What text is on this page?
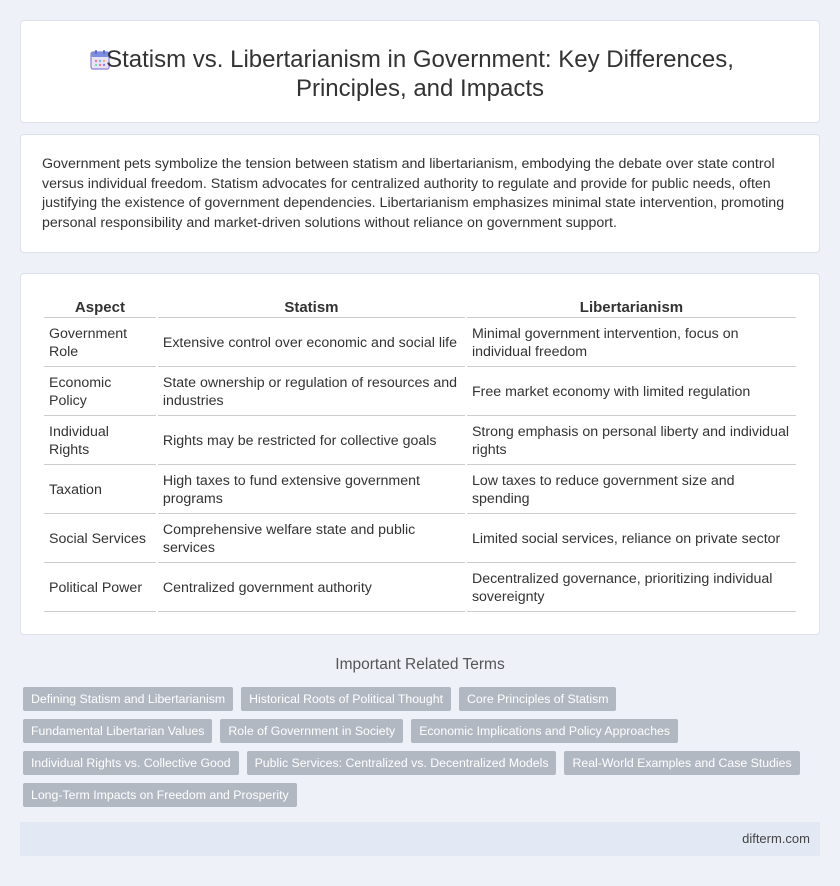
Statism vs. Libertarianism in Government: Key Differences, Principles, and Impacts

Government pets symbolize the tension between statism and libertarianism, embodying the debate over state control versus individual freedom. Statism advocates for centralized authority to regulate and provide for public needs, often justifying the existence of government dependencies. Libertarianism emphasizes minimal state intervention, promoting personal responsibility and market-driven solutions without reliance on government support.

Aspect	Statism	Libertarianism
Government Role	Extensive control over economic and social life	Minimal government intervention, focus on individual freedom
Economic Policy	State ownership or regulation of resources and industries	Free market economy with limited regulation
Individual Rights	Rights may be restricted for collective goals	Strong emphasis on personal liberty and individual rights
Taxation	High taxes to fund extensive government programs	Low taxes to reduce government size and spending
Social Services	Comprehensive welfare state and public services	Limited social services, reliance on private sector
Political Power	Centralized government authority	Decentralized governance, prioritizing individual sovereignty
Important Related Terms
Defining Statism and Libertarianism	Historical Roots of Political Thought	Core Principles of Statism
Fundamental Libertarian Values	Role of Government in Society	Economic Implications and Policy Approaches
Individual Rights vs. Collective Good	Public Services: Centralized vs. Decentralized Models	Real-World Examples and Case Studies
Long-Term Impacts on Freedom and Prosperity
difterm.com
